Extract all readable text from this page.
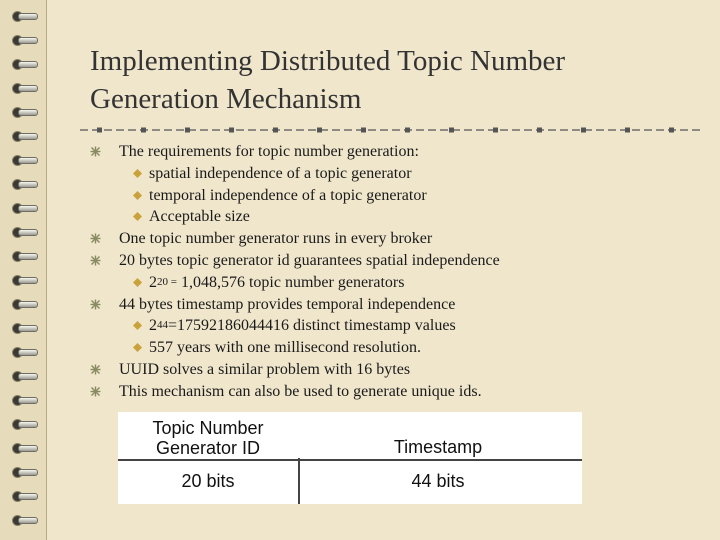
Implementing Distributed Topic Number
Generation Mechanism
The requirements for topic number generation:
spatial independence of a topic generator
temporal independence of a topic generator
Acceptable size
One topic number generator runs in every broker
20 bytes topic generator id guarantees spatial independence
$2^{20 =}$ 1,048,576 topic number generators
44 bytes timestamp provides temporal independence
$2^{44}=17592186044416$ distinct timestamp values
557 years with one millisecond resolution.
UUID solves a similar problem with 16 bytes
This mechanism can also be used to generate unique ids.
Topic Number
Generator ID	Timestamp
20 bits	44 bits
